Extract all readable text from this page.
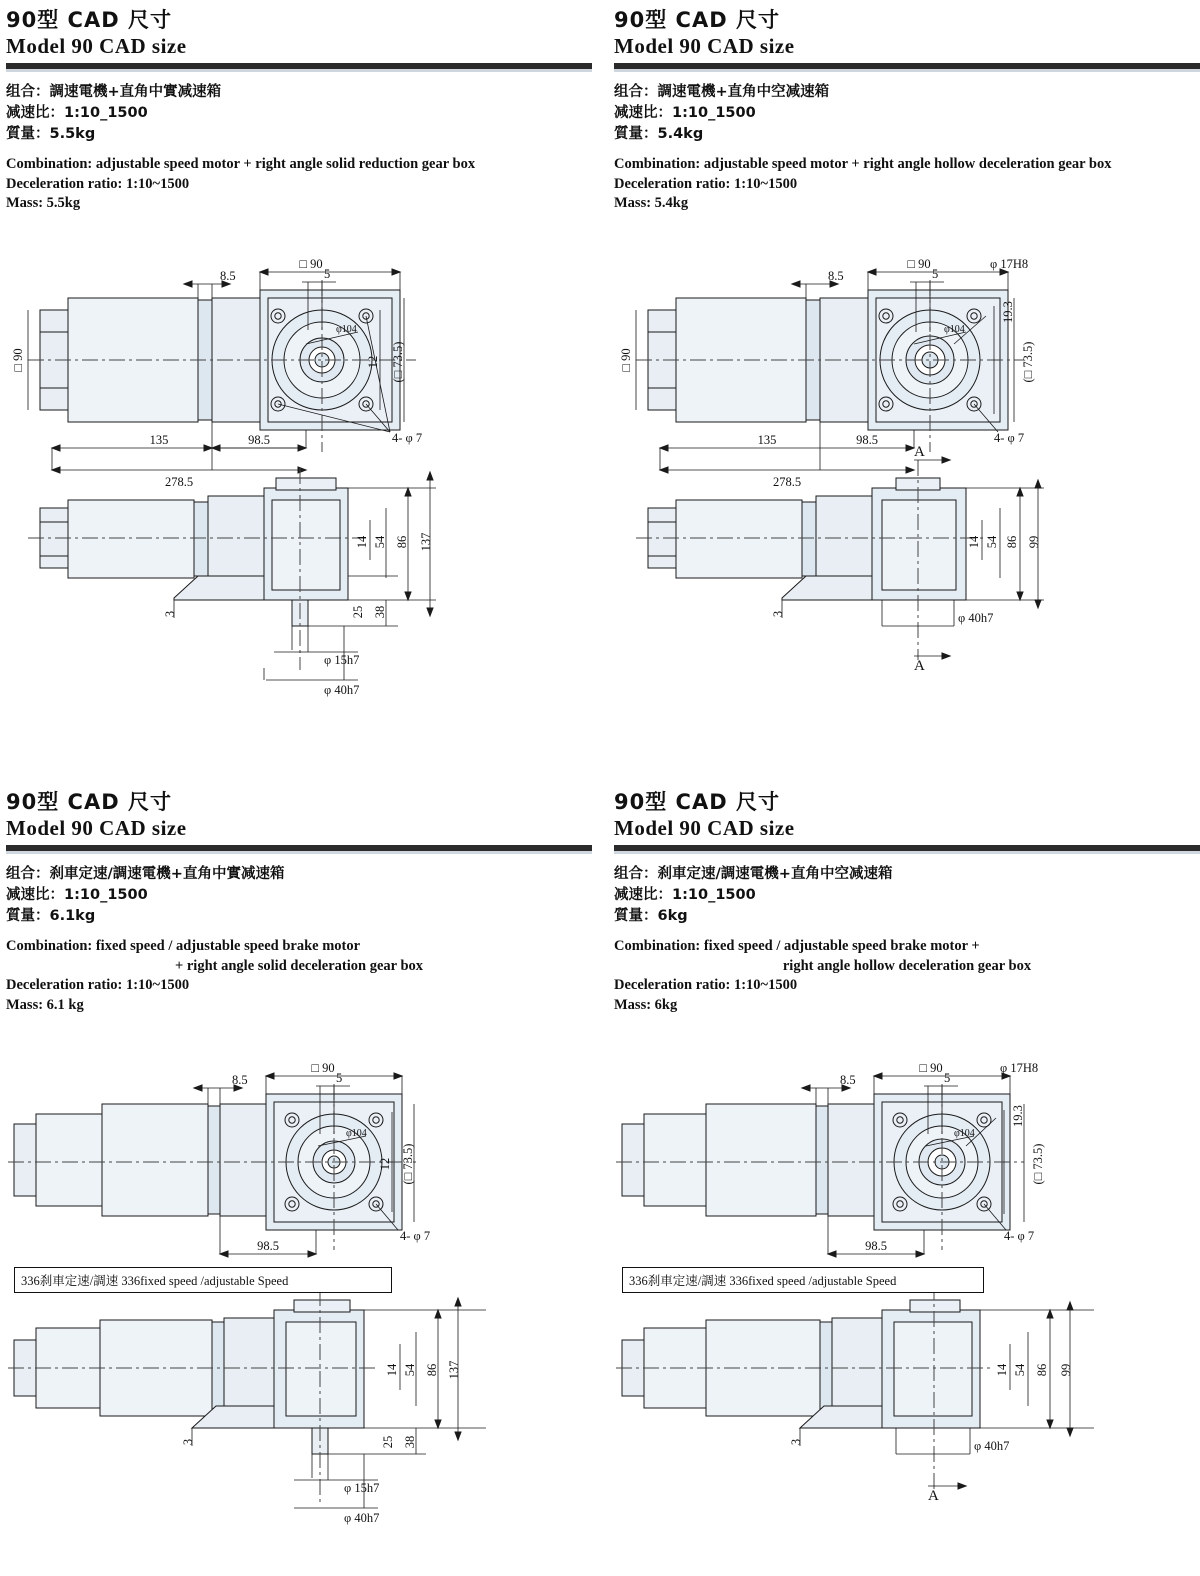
90型 CAD 尺寸
Model 90 CAD size
组合：調速電機+直角中實减速箱
减速比：1:10_1500
質量：5.5kg
Combination: adjustable speed motor + right angle solid reduction gear box
Deceleration ratio: 1:10~1500
Mass: 5.5kg
8.5	5
□ 90
135	98.5
278.5
4- φ 7
φ104
12 (□ 73.5)
□ 90
137
86
54
14
38
25
3
φ 15h7
φ 40h7
90型 CAD 尺寸
Model 90 CAD size
组合：調速電機+直角中空减速箱
减速比：1:10_1500
質量：5.4kg
Combination: adjustable speed motor + right angle hollow deceleration gear box
Deceleration ratio: 1:10~1500
Mass: 5.4kg
8.5	5
□ 90	φ 17H8
19.3
φ104
(□ 73.5)
135	98.5
278.5
4- φ 7
□ 90
99
86
54
14
3	φ 40h7
A
A
90型 CAD 尺寸
Model 90 CAD size
组合：刹車定速/調速電機+直角中實减速箱
减速比：1:10_1500
質量：6.1kg
Combination: fixed speed / adjustable speed brake motor
+ right angle solid deceleration gear box
Deceleration ratio: 1:10~1500
Mass: 6.1 kg
8.5	5
□ 90
98.5
4- φ 7
φ104
12 (□ 73.5)
137
86
54
14
38
25
3
φ 15h7
φ 40h7
336刹車定速/調速 336fixed speed /adjustable Speed
90型 CAD 尺寸
Model 90 CAD size
组合：刹車定速/調速電機+直角中空减速箱
减速比：1:10_1500
質量：6kg
Combination: fixed speed / adjustable speed brake motor +
right angle hollow deceleration gear box
Deceleration ratio: 1:10~1500
Mass: 6kg
8.5	5
□ 90	φ 17H8
19.3
φ104
(□ 73.5)
98.5
4- φ 7
99
86
54
14
3	φ 40h7
A
336刹車定速/調速 336fixed speed /adjustable Speed
